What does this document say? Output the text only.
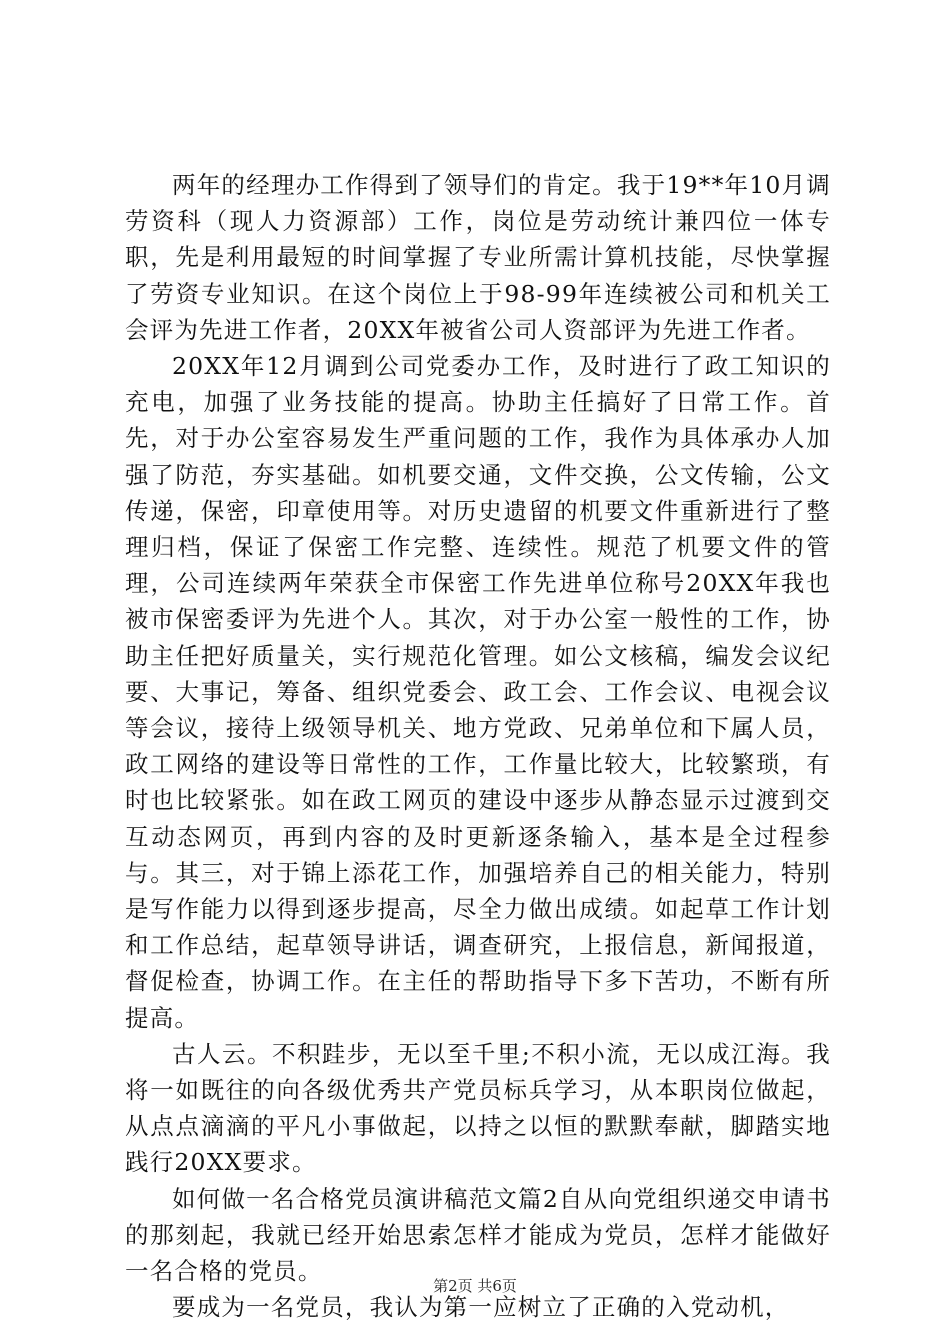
两年的经理办工作得到了领导们的肯定。我于19**年10月调劳资科（现人力资源部）工作，岗位是劳动统计兼四位一体专职，先是利用最短的时间掌握了专业所需计算机技能，尽快掌握了劳资专业知识。在这个岗位上于98-99年连续被公司和机关工会评为先进工作者，20XX年被省公司人资部评为先进工作者。

20XX年12月调到公司党委办工作，及时进行了政工知识的充电，加强了业务技能的提高。协助主任搞好了日常工作。首先，对于办公室容易发生严重问题的工作，我作为具体承办人加强了防范，夯实基础。如机要交通，文件交换，公文传输，公文传递，保密，印章使用等。对历史遗留的机要文件重新进行了整理归档，保证了保密工作完整、连续性。规范了机要文件的管理，公司连续两年荣获全市保密工作先进单位称号20XX年我也被市保密委评为先进个人。其次，对于办公室一般性的工作，协助主任把好质量关，实行规范化管理。如公文核稿，编发会议纪要、大事记，筹备、组织党委会、政工会、工作会议、电视会议等会议，接待上级领导机关、地方党政、兄弟单位和下属人员，政工网络的建设等日常性的工作，工作量比较大，比较繁琐，有时也比较紧张。如在政工网页的建设中逐步从静态显示过渡到交互动态网页，再到内容的及时更新逐条输入，基本是全过程参与。其三，对于锦上添花工作，加强培养自己的相关能力，特别是写作能力以得到逐步提高，尽全力做出成绩。如起草工作计划和工作总结，起草领导讲话，调查研究，上报信息，新闻报道，督促检查，协调工作。在主任的帮助指导下多下苦功，不断有所提高。

古人云。不积跬步，无以至千里;不积小流，无以成江海。我将一如既往的向各级优秀共产党员标兵学习，从本职岗位做起，从点点滴滴的平凡小事做起，以持之以恒的默默奉献，脚踏实地践行20XX要求。

如何做一名合格党员演讲稿范文篇2自从向党组织递交申请书的那刻起，我就已经开始思索怎样才能成为党员，怎样才能做好一名合格的党员。

要成为一名党员，我认为第一应树立了正确的入党动机，

第2页 共6页
